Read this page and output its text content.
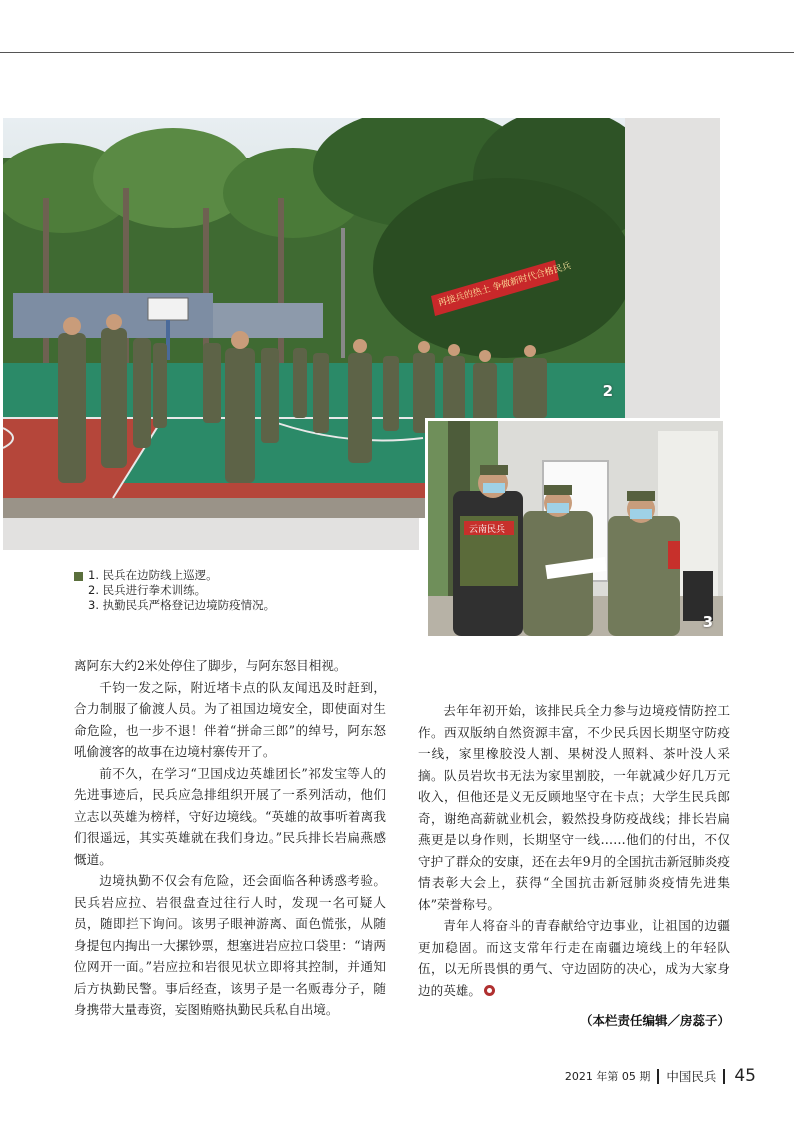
再接兵的热土 争做新时代合格民兵
2
云南民兵
3
1. 民兵在边防线上巡逻。
2. 民兵进行拳术训练。
3. 执勤民兵严格登记边境防疫情况。

离阿东大约2米处停住了脚步，与阿东怒目相视。

千钧一发之际，附近堵卡点的队友闻迅及时赶到，合力制服了偷渡人员。为了祖国边境安全，即使面对生命危险，也一步不退！伴着“拼命三郎”的绰号，阿东怒吼偷渡客的故事在边境村寨传开了。

前不久，在学习“卫国戍边英雄团长”祁发宝等人的先进事迹后，民兵应急排组织开展了一系列活动，他们立志以英雄为榜样，守好边境线。“英雄的故事听着离我们很遥远，其实英雄就在我们身边。”民兵排长岩扁燕感慨道。

边境执勤不仅会有危险，还会面临各种诱惑考验。民兵岩应拉、岩很盘查过往行人时，发现一名可疑人员，随即拦下询问。该男子眼神游离、面色慌张，从随身提包内掏出一大摞钞票，想塞进岩应拉口袋里：“请两位网开一面。”岩应拉和岩很见状立即将其控制，并通知后方执勤民警。事后经查，该男子是一名贩毒分子，随身携带大量毒资，妄图贿赂执勤民兵私自出境。

去年年初开始，该排民兵全力参与边境疫情防控工作。西双版纳自然资源丰富，不少民兵因长期坚守防疫一线，家里橡胶没人割、果树没人照料、茶叶没人采摘。队员岩坎书无法为家里割胶，一年就减少好几万元收入，但他还是义无反顾地坚守在卡点；大学生民兵郎奇，谢绝高薪就业机会，毅然投身防疫战线；排长岩扁燕更是以身作则，长期坚守一线……他们的付出，不仅守护了群众的安康，还在去年9月的全国抗击新冠肺炎疫情表彰大会上，获得“全国抗击新冠肺炎疫情先进集体”荣誉称号。

青年人将奋斗的青春献给守边事业，让祖国的边疆更加稳固。而这支常年行走在南疆边境线上的年轻队伍，以无所畏惧的勇气、守边固防的决心，成为大家身边的英雄。

（本栏责任编辑／房蕊子）
2021 年第 05 期 中国民兵 45
